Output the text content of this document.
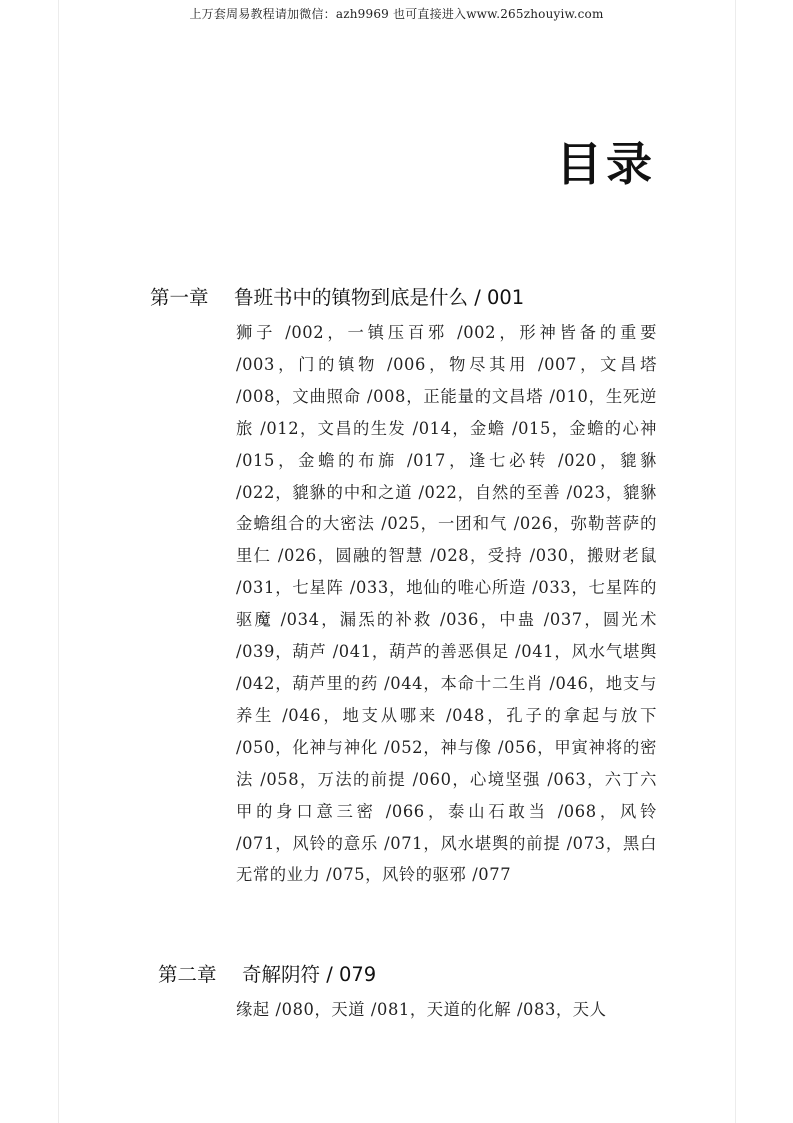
上万套周易教程请加微信：azh9969 也可直接进入www.265zhouyiw.com
目录
第一章 鲁班书中的镇物到底是什么 / 001
狮子 /002，一镇压百邪 /002，形神皆备的重要 /003，门的镇物 /006，物尽其用 /007，文昌塔 /008，文曲照命 /008，正能量的文昌塔 /010，生死逆旅 /012，文昌的生发 /014，金蟾 /015，金蟾的心神 /015，金蟾的布旆 /017，逢七必转 /020，貔貅 /022，貔貅的中和之道 /022，自然的至善 /023，貔貅金蟾组合的大密法 /025，一团和气 /026，弥勒菩萨的里仁 /026，圆融的智慧 /028，受持 /030，搬财老鼠 /031，七星阵 /033，地仙的唯心所造 /033，七星阵的驱魔 /034，漏炁的补救 /036，中蛊 /037，圆光术 /039，葫芦 /041，葫芦的善恶俱足 /041，风水气堪舆 /042，葫芦里的药 /044，本命十二生肖 /046，地支与养生 /046，地支从哪来 /048，孔子的拿起与放下 /050，化神与神化 /052，神与像 /056，甲寅神将的密法 /058，万法的前提 /060，心境坚强 /063，六丁六甲的身口意三密 /066，泰山石敢当 /068，风铃 /071，风铃的意乐 /071，风水堪舆的前提 /073，黑白无常的业力 /075，风铃的驱邪 /077
第二章 奇解阴符 / 079
缘起 /080，天道 /081，天道的化解 /083，天人
